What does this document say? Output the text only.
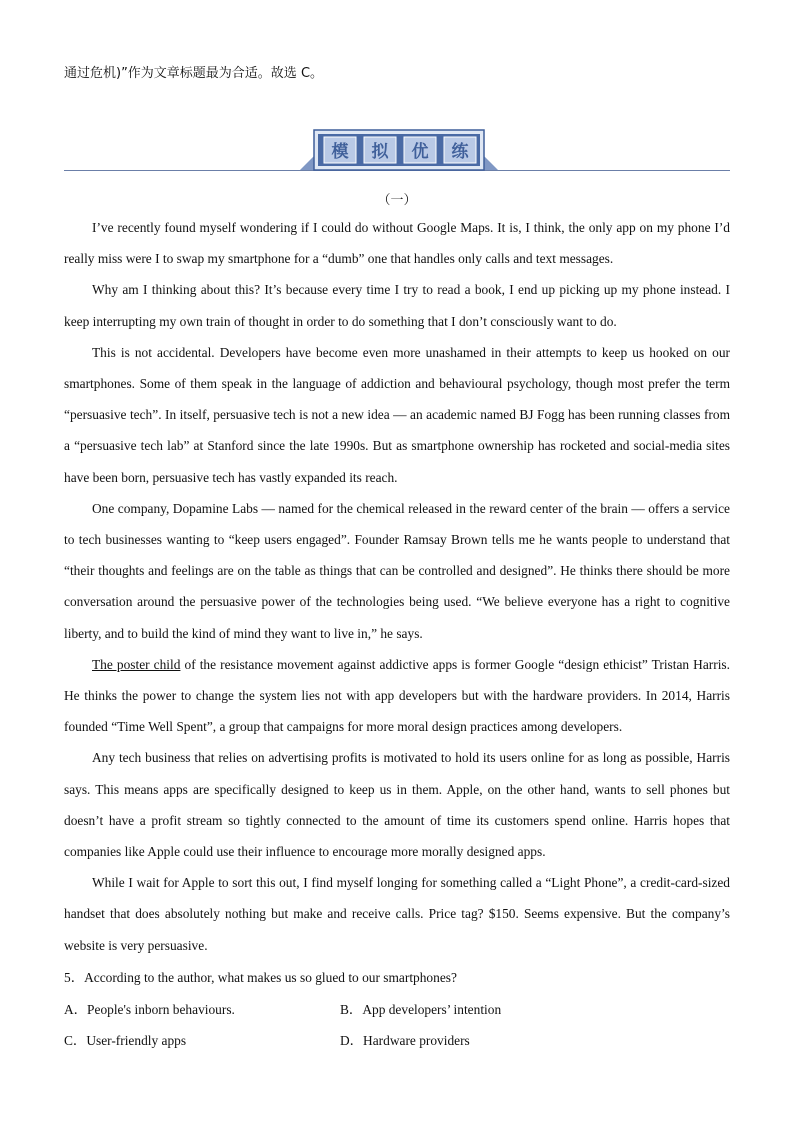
通过危机)”作为文章标题最为合适。故选 C。
模 拟 优 练
（一）

I’ve recently found myself wondering if I could do without Google Maps. It is, I think, the only app on my phone I’d really miss were I to swap my smartphone for a “dumb” one that handles only calls and text messages.

Why am I thinking about this? It’s because every time I try to read a book, I end up picking up my phone instead. I keep interrupting my own train of thought in order to do something that I don’t consciously want to do.

This is not accidental. Developers have become even more unashamed in their attempts to keep us hooked on our smartphones. Some of them speak in the language of addiction and behavioural psychology, though most prefer the term “persuasive tech”. In itself, persuasive tech is not a new idea — an academic named BJ Fogg has been running classes from a “persuasive tech lab” at Stanford since the late 1990s. But as smartphone ownership has rocketed and social-media sites have been born, persuasive tech has vastly expanded its reach.

One company, Dopamine Labs — named for the chemical released in the reward center of the brain — offers a service to tech businesses wanting to “keep users engaged”. Founder Ramsay Brown tells me he wants people to understand that “their thoughts and feelings are on the table as things that can be controlled and designed”. He thinks there should be more conversation around the persuasive power of the technologies being used. “We believe everyone has a right to cognitive liberty, and to build the kind of mind they want to live in,” he says.

The poster child of the resistance movement against addictive apps is former Google “design ethicist” Tristan Harris. He thinks the power to change the system lies not with app developers but with the hardware providers. In 2014, Harris founded “Time Well Spent”, a group that campaigns for more moral design practices among developers.

Any tech business that relies on advertising profits is motivated to hold its users online for as long as possible, Harris says. This means apps are specifically designed to keep us in them. Apple, on the other hand, wants to sell phones but doesn’t have a profit stream so tightly connected to the amount of time its customers spend online. Harris hopes that companies like Apple could use their influence to encourage more morally designed apps.

While I wait for Apple to sort this out, I find myself longing for something called a “Light Phone”, a credit-card-sized handset that does absolutely nothing but make and receive calls. Price tag? $150. Seems expensive. But the company’s website is very persuasive.

5．According to the author, what makes us so glued to our smartphones?
A．People's inborn behaviours.	B．App developers’ intention
C．User-friendly apps	D．Hardware providers
